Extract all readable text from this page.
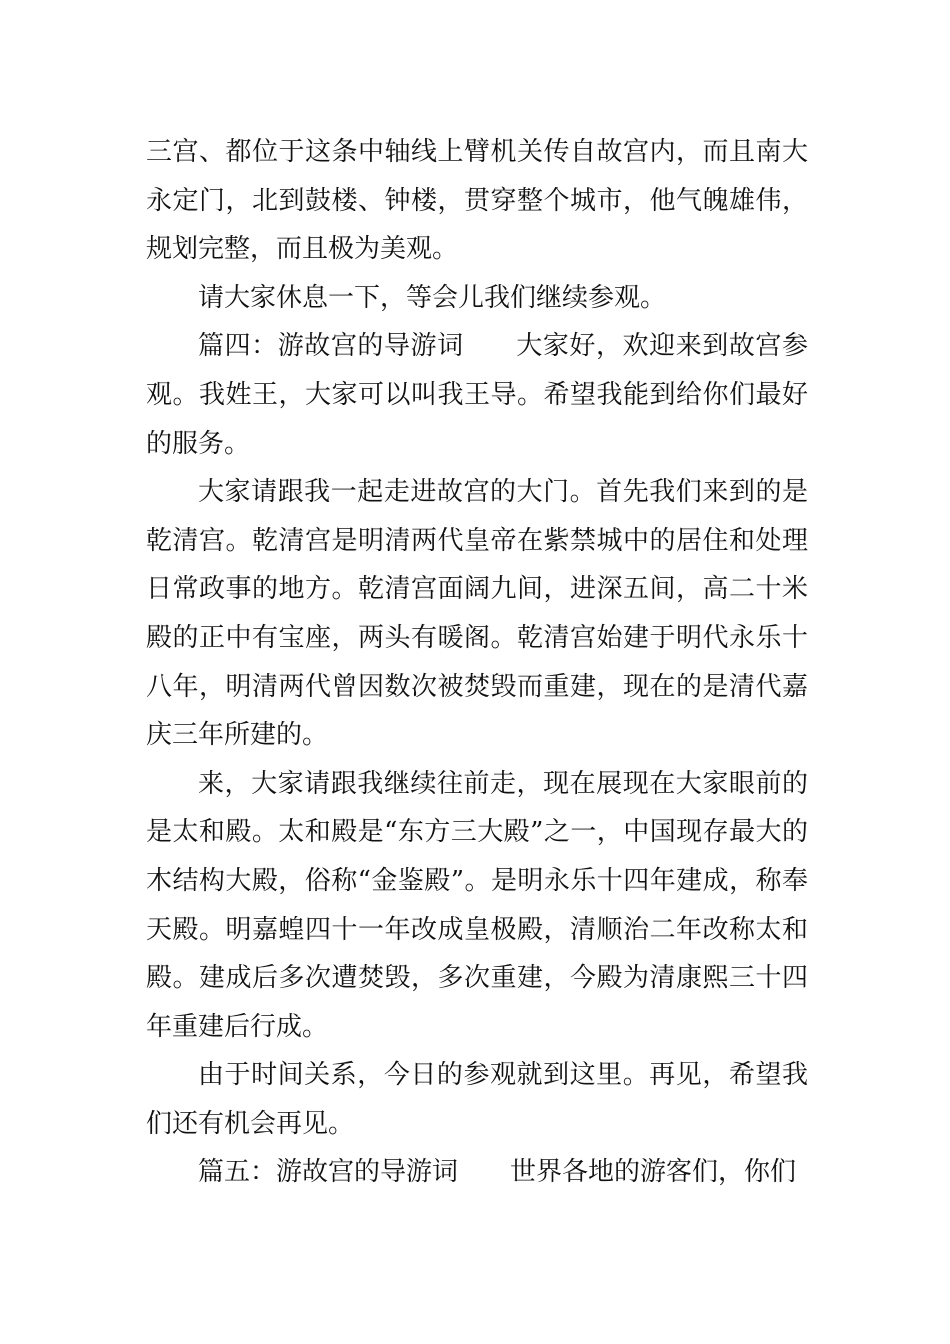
三宫、都位于这条中轴线上臂机关传自故宫内，而且南大永定门，北到鼓楼、钟楼，贯穿整个城市，他气魄雄伟，规划完整，而且极为美观。

请大家休息一下，等会儿我们继续参观。

篇四：游故宫的导游词 大家好，欢迎来到故宫参观。我姓王，大家可以叫我王导。希望我能到给你们最好的服务。

大家请跟我一起走进故宫的大门。首先我们来到的是乾清宫。乾清宫是明清两代皇帝在紫禁城中的居住和处理日常政事的地方。乾清宫面阔九间，进深五间，高二十米殿的正中有宝座，两头有暖阁。乾清宫始建于明代永乐十八年，明清两代曾因数次被焚毁而重建，现在的是清代嘉庆三年所建的。

来，大家请跟我继续往前走，现在展现在大家眼前的是太和殿。太和殿是“东方三大殿”之一，中国现存最大的木结构大殿，俗称“金鉴殿”。是明永乐十四年建成，称奉天殿。明嘉蝗四十一年改成皇极殿，清顺治二年改称太和殿。建成后多次遭焚毁，多次重建，今殿为清康熙三十四年重建后行成。

由于时间关系，今日的参观就到这里。再见，希望我们还有机会再见。

篇五：游故宫的导游词 世界各地的游客们，你们
